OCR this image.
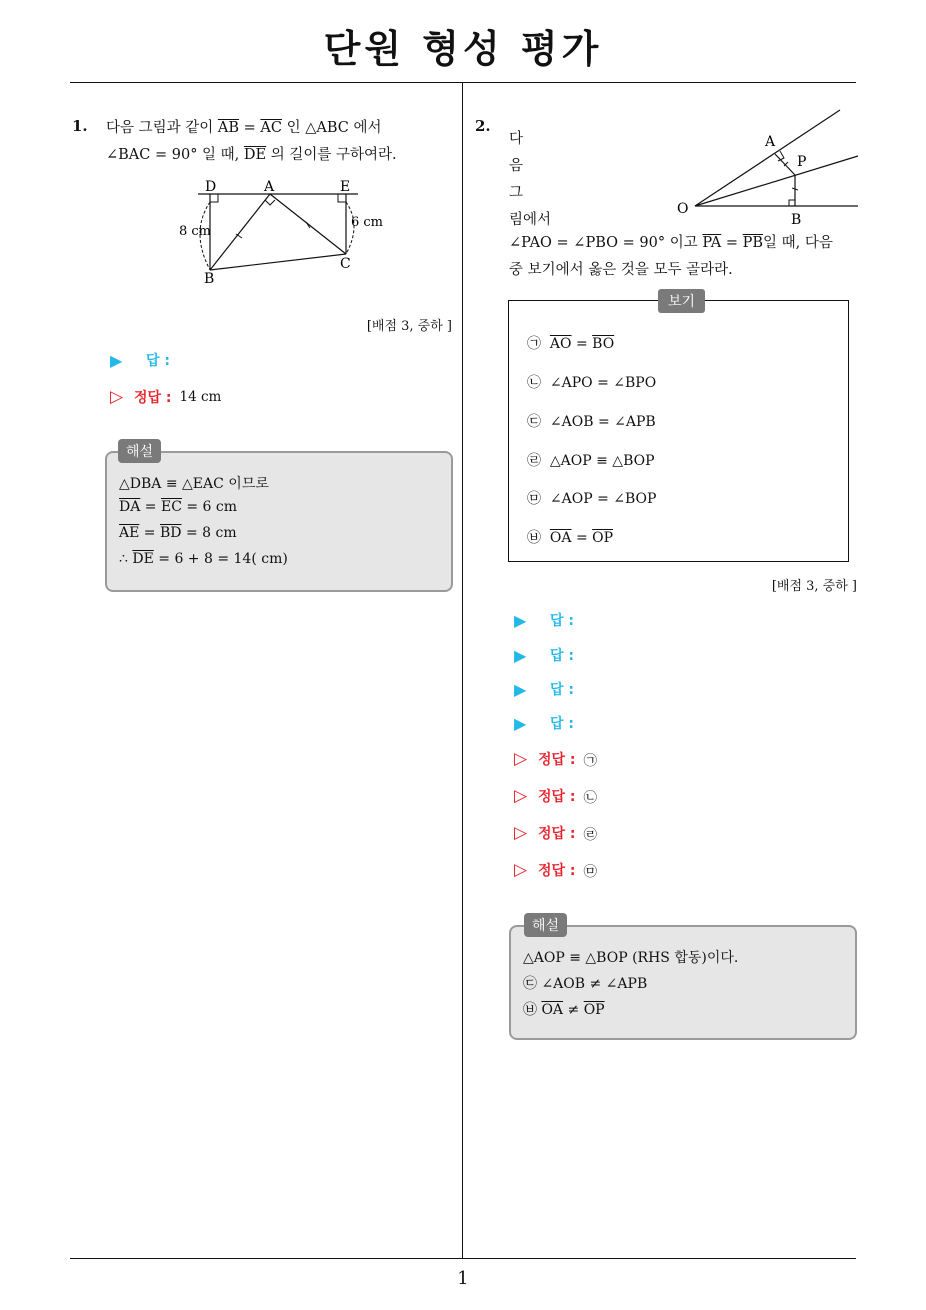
단원 형성 평가
1
1. 다음 그림과 같이 $\overline{AB} = \overline{AC}$ 인 △ABC 에서
∠BAC = 90° 일 때, $\overline{DE}$ 의 길이를 구하여라.
D	A	E
B
C
8 cm
6 cm
[배점 3, 중하 ]
▶	답 :
▷ 정답 : 14 cm
△DBA ≡ △EAC 이므로
$\overline{DA} = \overline{EC} = 6$ cm
$\overline{AE} = \overline{BD} = 8$ cm
∴ $\overline{DE} = 6 + 8 = 14$( cm)
해설
2.
다
음
그
림에서
O
A
P
B
∠PAO = ∠PBO = 90° 이고 $\overline{PA} = \overline{PB}$일 때, 다음
중 보기에서 옳은 것을 모두 골라라.
㉠ $\overline{AO} = \overline{BO}$
㉡ ∠APO = ∠BPO
㉢ ∠AOB = ∠APB
㉣ △AOP ≡ △BOP
㉤ ∠AOP = ∠BOP
㉥ $\overline{OA} = \overline{OP}$
보기
[배점 3, 중하 ]
▶	답 :
▶	답 :
▶	답 :
▶	답 :
▷ 정답 : ㉠
▷ 정답 : ㉡
▷ 정답 : ㉣
▷ 정답 : ㉤
△AOP ≡ △BOP (RHS 합동)이다.
㉢ ∠AOB ≠ ∠APB
㉥ $\overline{OA} \ne \overline{OP}$
해설
